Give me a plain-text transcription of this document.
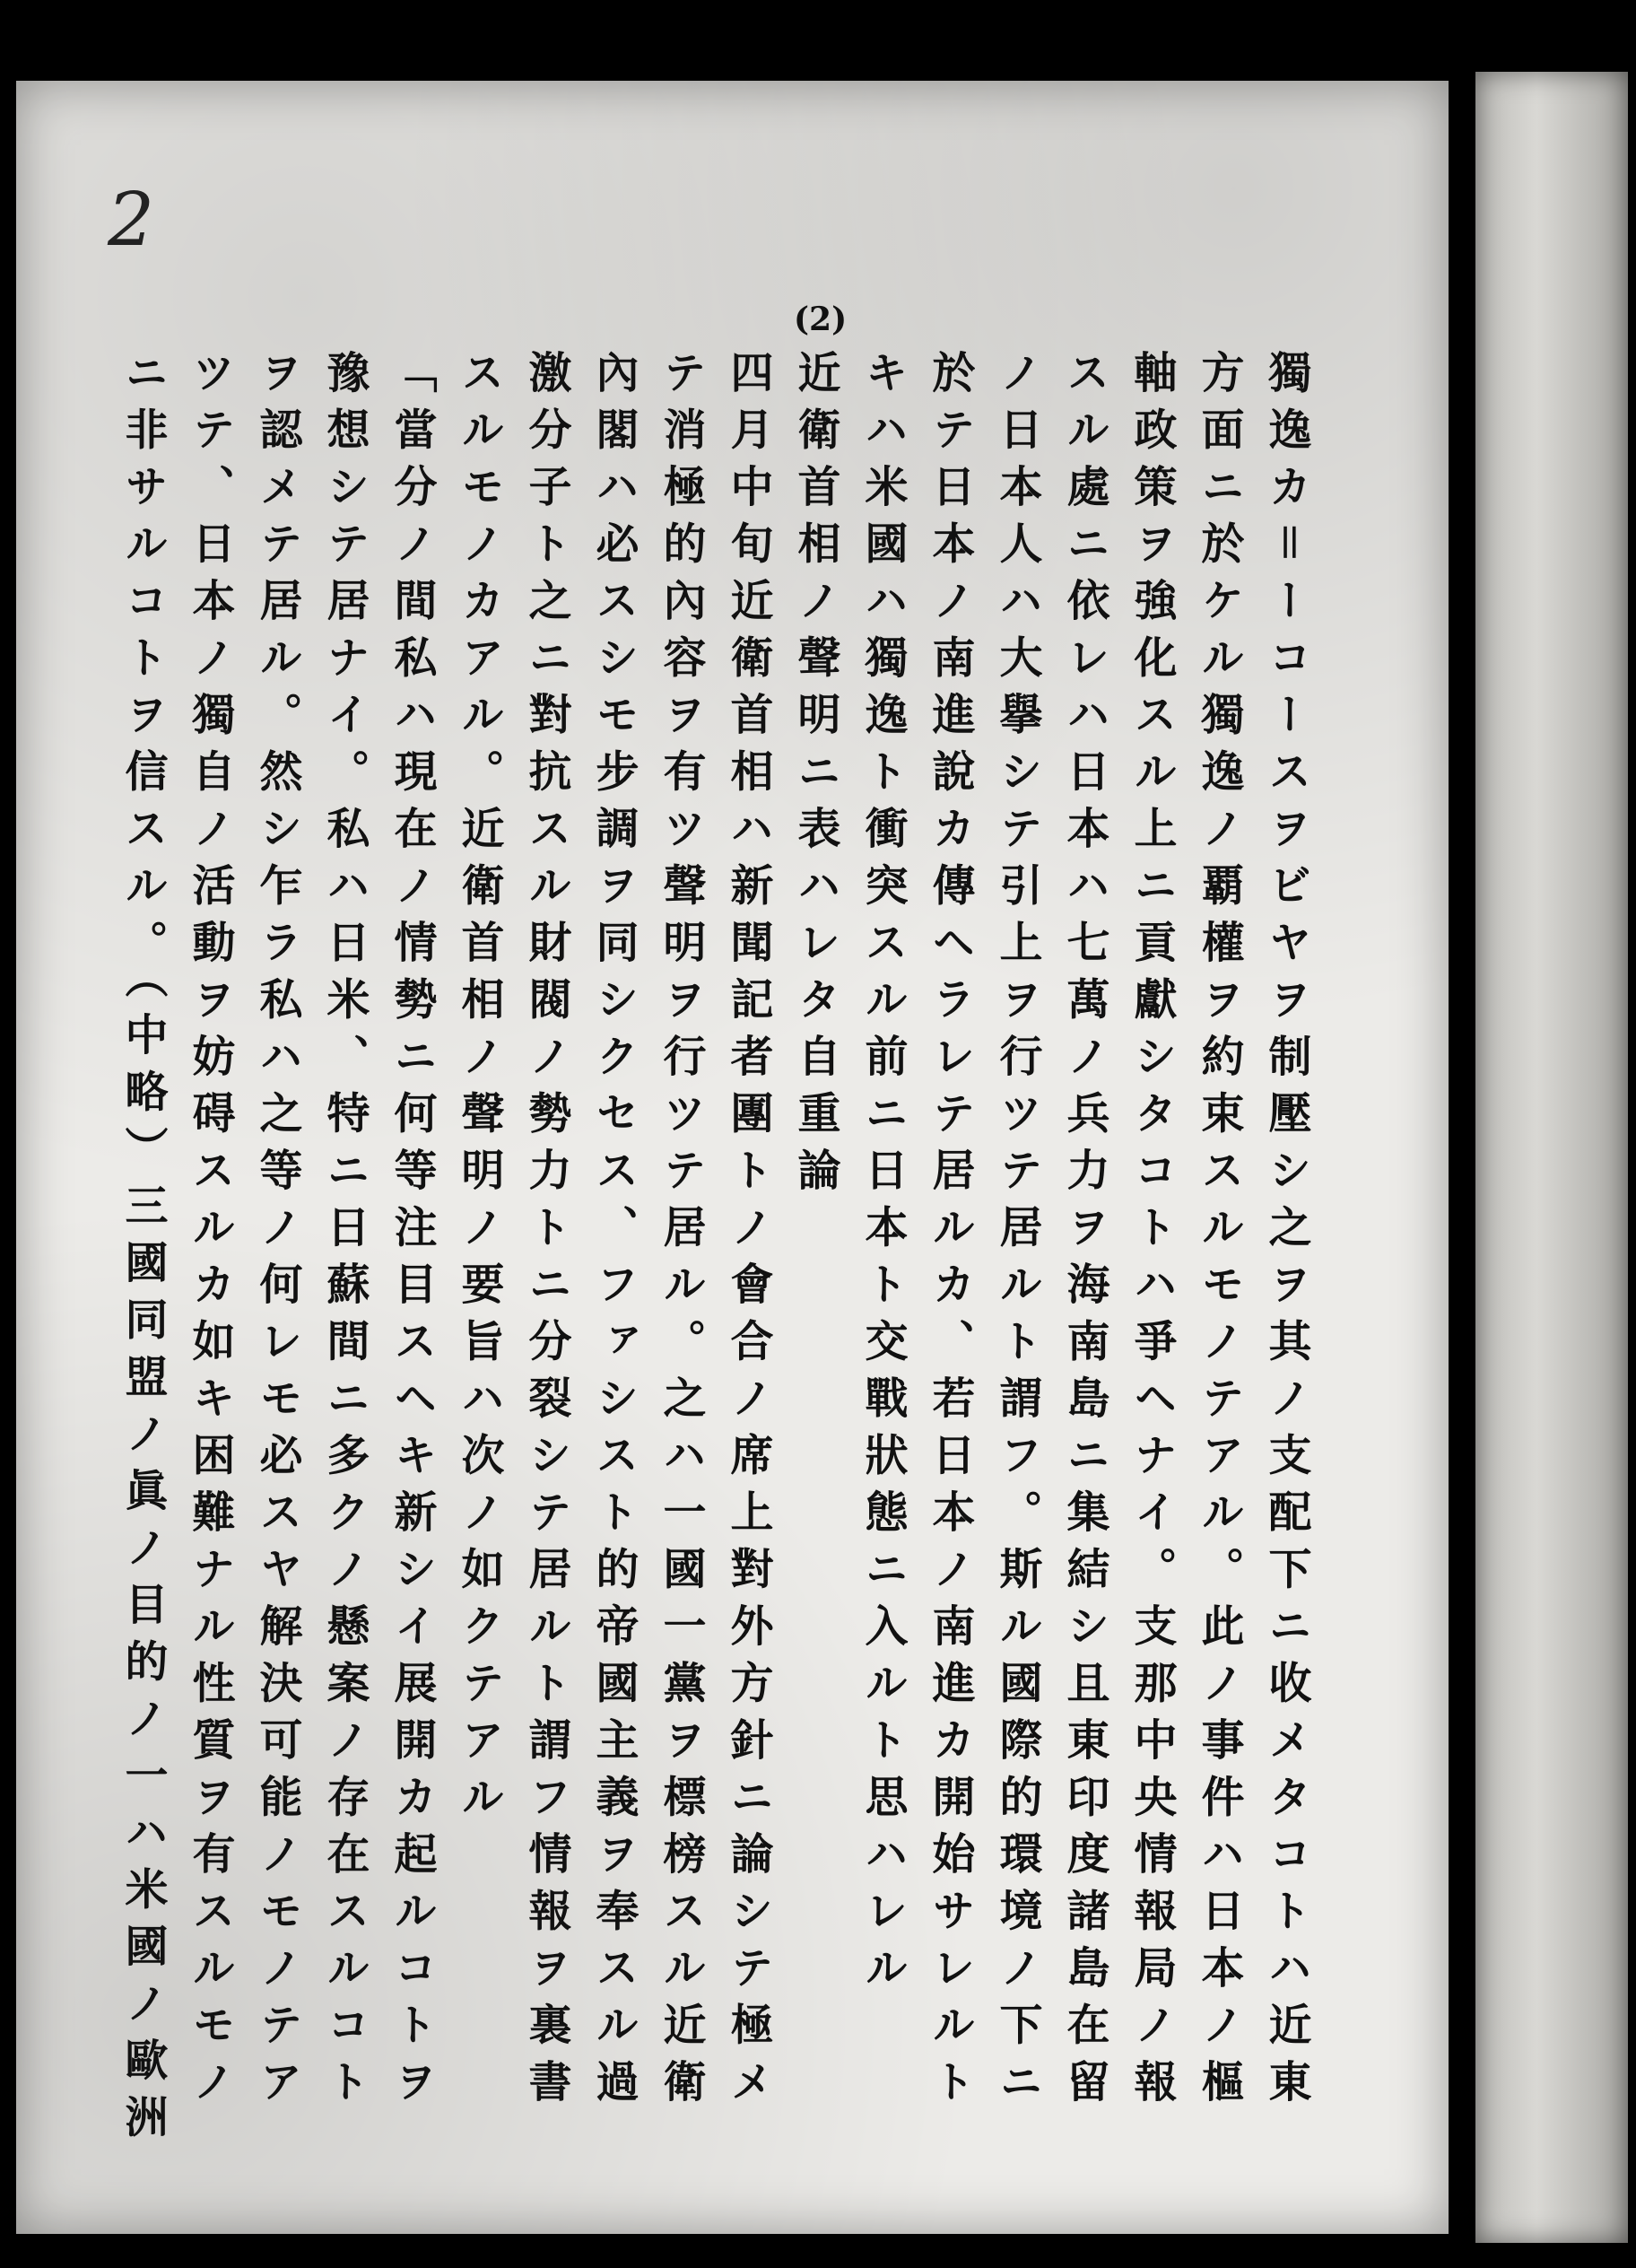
2
(2)
獨逸カ＝ーコースヲビヤヲ制壓シ之ヲ其ノ支配下ニ收メタコトハ近東
方面ニ於ケル獨逸ノ覇權ヲ約束スルモノテアル。此ノ事件ハ日本ノ樞
軸政策ヲ強化スル上ニ貢獻シタコトハ爭ヘナイ。支那中央情報局ノ報
スル處ニ依レハ日本ハ七萬ノ兵力ヲ海南島ニ集結シ且東印度諸島在留
ノ日本人ハ大擧シテ引上ヲ行ツテ居ルト謂フ。斯ル國際的環境ノ下ニ
於テ日本ノ南進說カ傳ヘラレテ居ルカ、若日本ノ南進カ開始サレルト
キハ米國ハ獨逸ト衝突スル前ニ日本ト交戰狀態ニ入ルト思ハレル
近衛首相ノ聲明ニ表ハレタ自重論
四月中旬近衛首相ハ新聞記者團トノ會合ノ席上對外方針ニ論シテ極メ
テ消極的內容ヲ有ツ聲明ヲ行ツテ居ル。之ハ一國一黨ヲ標榜スル近衛
內閣ハ必スシモ步調ヲ同シクセス、ファシスト的帝國主義ヲ奉スル過
激分子ト之ニ對抗スル財閥ノ勢力トニ分裂シテ居ルト謂フ情報ヲ裏書
スルモノカアル。近衛首相ノ聲明ノ要旨ハ次ノ如クテアル
「當分ノ間私ハ現在ノ情勢ニ何等注目スヘキ新シイ展開カ起ルコトヲ
豫想シテ居ナイ。私ハ日米、特ニ日蘇間ニ多クノ懸案ノ存在スルコト
ヲ認メテ居ル。然シ乍ラ私ハ之等ノ何レモ必スヤ解決可能ノモノテア
ツテ、日本ノ獨自ノ活動ヲ妨碍スルカ如キ困難ナル性質ヲ有スルモノ
ニ非サルコトヲ信スル。（中略）三國同盟ノ眞ノ目的ノ一ハ米國ノ歐洲
